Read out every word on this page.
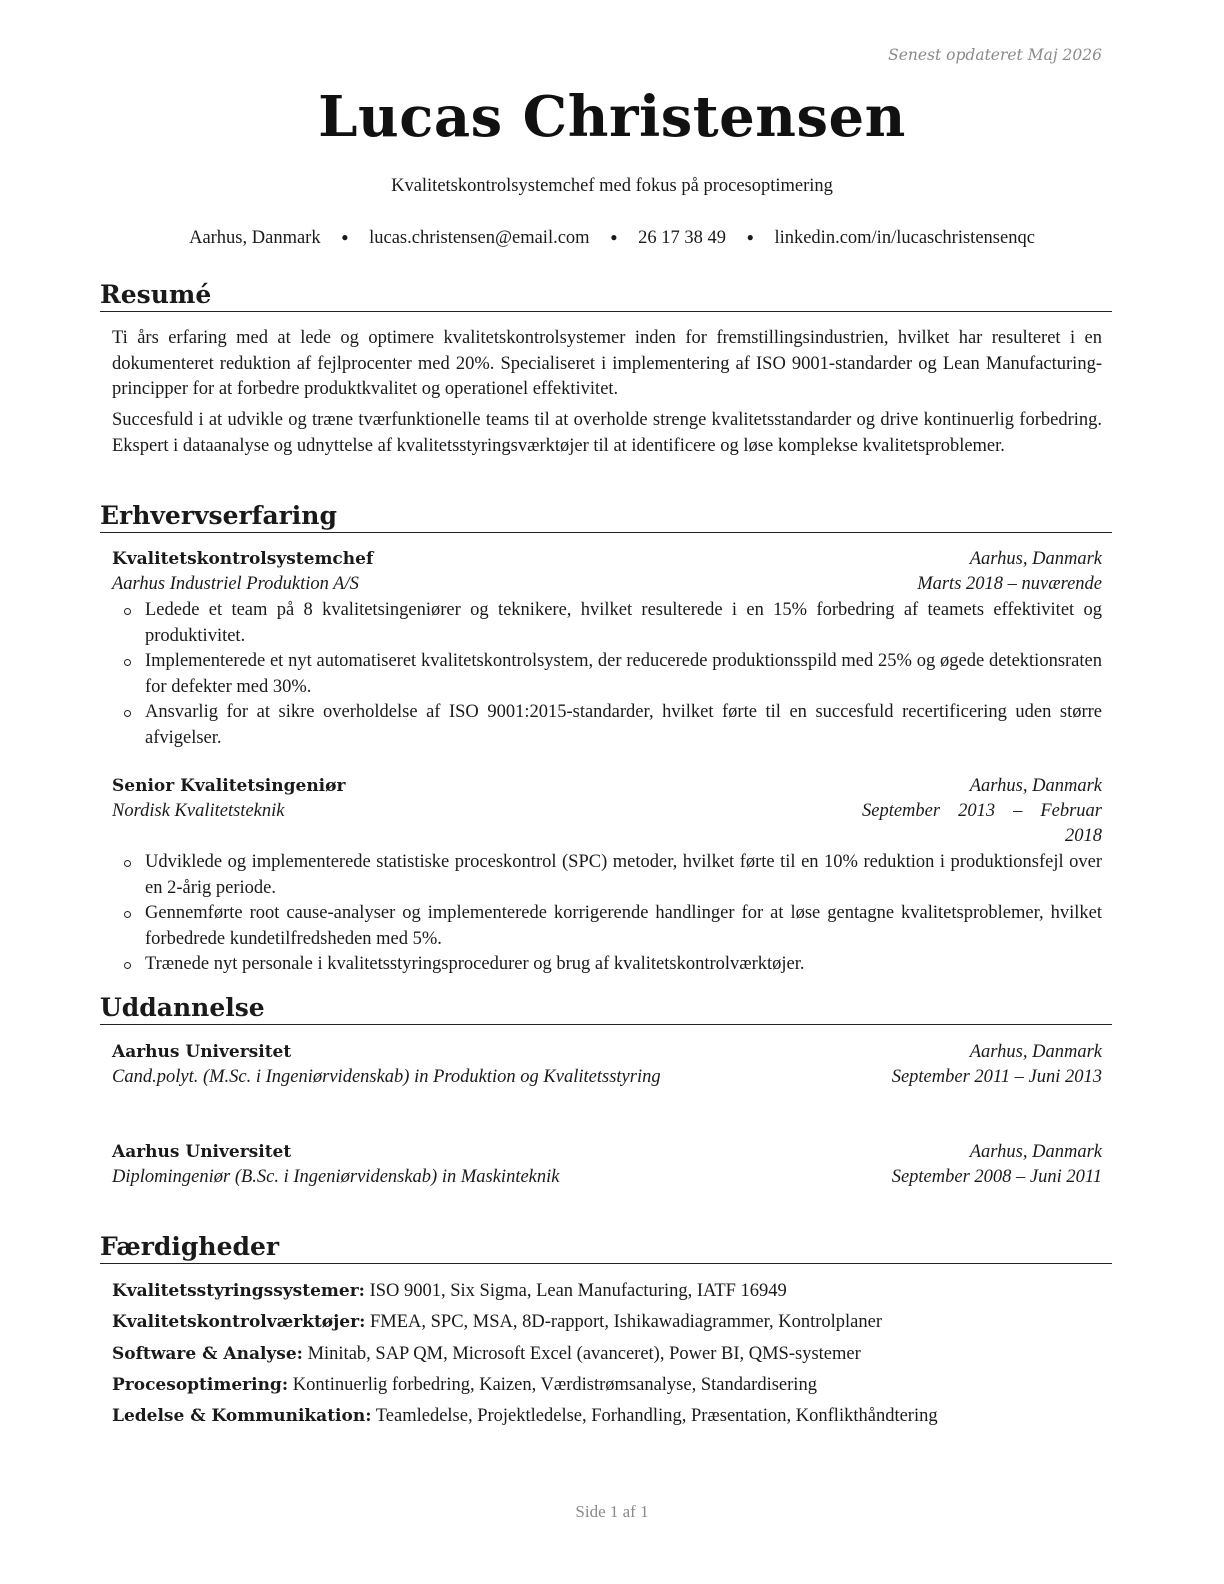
Senest opdateret Maj 2026
Lucas Christensen
Kvalitetskontrolsystemchef med fokus på procesoptimering
Aarhus, Danmark ● lucas.christensen@email.com ● 26 17 38 49 ● linkedin.com/in/lucaschristensenqc
Resumé
Ti års erfaring med at lede og optimere kvalitetskontrolsystemer inden for fremstillingsindustrien, hvilket har resulteret i en dokumenteret reduktion af fejlprocenter med 20%. Specialiseret i implementering af ISO 9001-standarder og Lean Manufacturing-principper for at forbedre produktkvalitet og operationel effektivitet.
Succesfuld i at udvikle og træne tværfunktionelle teams til at overholde strenge kvalitetsstandarder og drive kontinuerlig forbedring. Ekspert i dataanalyse og udnyttelse af kvalitetsstyringsværktøjer til at identificere og løse komplekse kvalitetsproblemer.
Erhvervserfaring
Kvalitetskontrolsystemchef	Aarhus, Danmark
Aarhus Industriel Produktion A/S	Marts 2018 – nuværende
Ledede et team på 8 kvalitetsingeniører og teknikere, hvilket resulterede i en 15% forbedring af teamets effektivitet og produktivitet.
Implementerede et nyt automatiseret kvalitetskontrolsystem, der reducerede produktionsspild med 25% og øgede detektionsraten for defekter med 30%.
Ansvarlig for at sikre overholdelse af ISO 9001:2015-standarder, hvilket førte til en succesfuld recertificering uden større afvigelser.
Senior Kvalitetsingeniør	Aarhus, Danmark
Nordisk Kvalitetsteknik	September 2013 – Februar 2018
Udviklede og implementerede statistiske proceskontrol (SPC) metoder, hvilket førte til en 10% reduktion i produktionsfejl over en 2-årig periode.
Gennemførte root cause-analyser og implementerede korrigerende handlinger for at løse gentagne kvalitetsproblemer, hvilket forbedrede kundetilfredsheden med 5%.
Trænede nyt personale i kvalitetsstyringsprocedurer og brug af kvalitetskontrolværktøjer.
Uddannelse
Aarhus Universitet	Aarhus, Danmark
Cand.polyt. (M.Sc. i Ingeniørvidenskab) in Produktion og Kvalitetsstyring	September 2011 – Juni 2013
Aarhus Universitet	Aarhus, Danmark
Diplomingeniør (B.Sc. i Ingeniørvidenskab) in Maskinteknik	September 2008 – Juni 2011
Færdigheder
Kvalitetsstyringssystemer: ISO 9001, Six Sigma, Lean Manufacturing, IATF 16949
Kvalitetskontrolværktøjer: FMEA, SPC, MSA, 8D-rapport, Ishikawadiagrammer, Kontrolplaner
Software & Analyse: Minitab, SAP QM, Microsoft Excel (avanceret), Power BI, QMS-systemer
Procesoptimering: Kontinuerlig forbedring, Kaizen, Værdistrømsanalyse, Standardisering
Ledelse & Kommunikation: Teamledelse, Projektledelse, Forhandling, Præsentation, Konflikthåndtering
Side 1 af 1
